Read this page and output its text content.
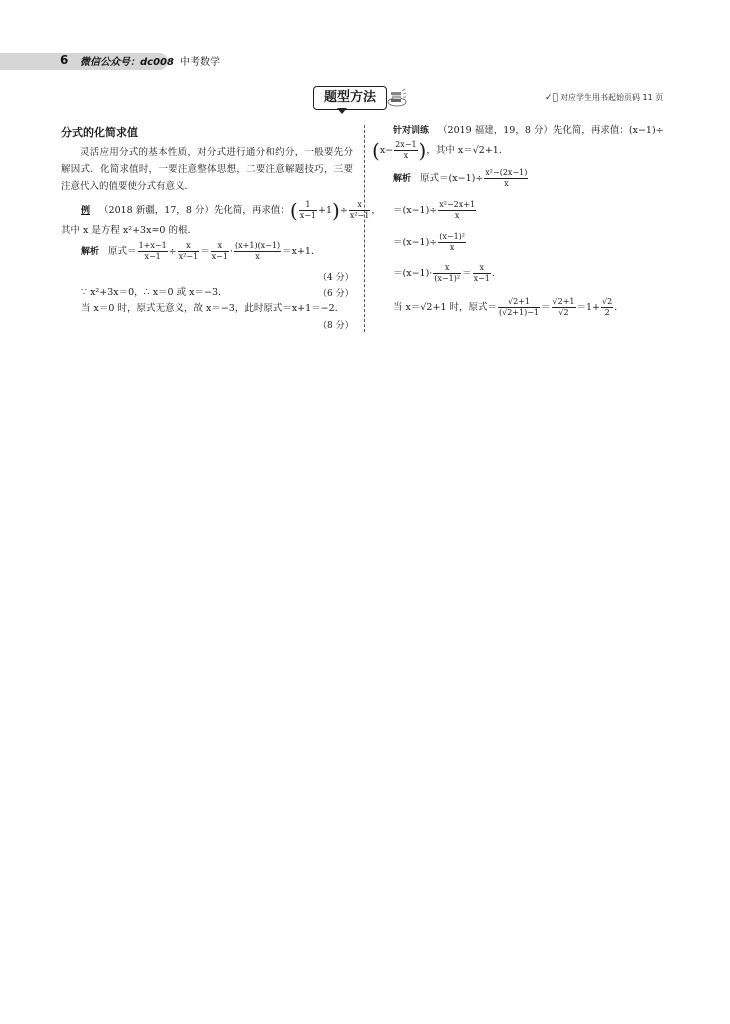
6 微信公众号：dc008 中考数学
题型方法	✓⃝ 对应学生用书起始页码 11 页
分式的化简求值
灵活应用分式的基本性质，对分式进行通分和约分，一般要先分解因式．化简求值时，一要注意整体思想，二要注意解题技巧，三要注意代入的值要使分式有意义．
例 （2018 新疆，17，8 分）先化简，再求值：( $\frac{1}{x-1} +1)\div \frac{x}{\text{x²−1}}$ ，
其中 x 是方程 x²+3x=0 的根．
解析 原式＝ $\frac{1+x-1}{x-1} \div \frac{x}{\text{x²−1}} = \frac{x}{x-1} \cdot \frac{(x+1)(x-1)}{x} =x+1$．
（4 分）
∵ x²+3x＝0，∴ x＝0 或 x＝−3．	（6 分）
当 x＝0 时，原式无意义，故 x＝−3，此时原式＝x+1＝−2．
（8 分）
针对训练 （2019 福建，19，8 分）先化简，再求值：(x−1)÷
($x- \frac{2x-1}{x}$ )，其中 x＝√2+1．
解析 原式$=(x-1)\div \frac{\text{x²−(2x−1)}}{x}$
$=(x-1)\div \frac{\text{x²−2x+1}}{x}$
$=(x-1)\div \frac{\text{(x−1)²}}{x}$
$=(x-1)\cdot \frac{x}{\text{(x−1)²}} = \frac{x}{x-1}$ ．
当 x＝√2+1 时，原式＝ $\frac{√2+1}{(√2+1)-1} = \frac{√2+1}{√2} =1+ \frac{√2}{2}$ ．
